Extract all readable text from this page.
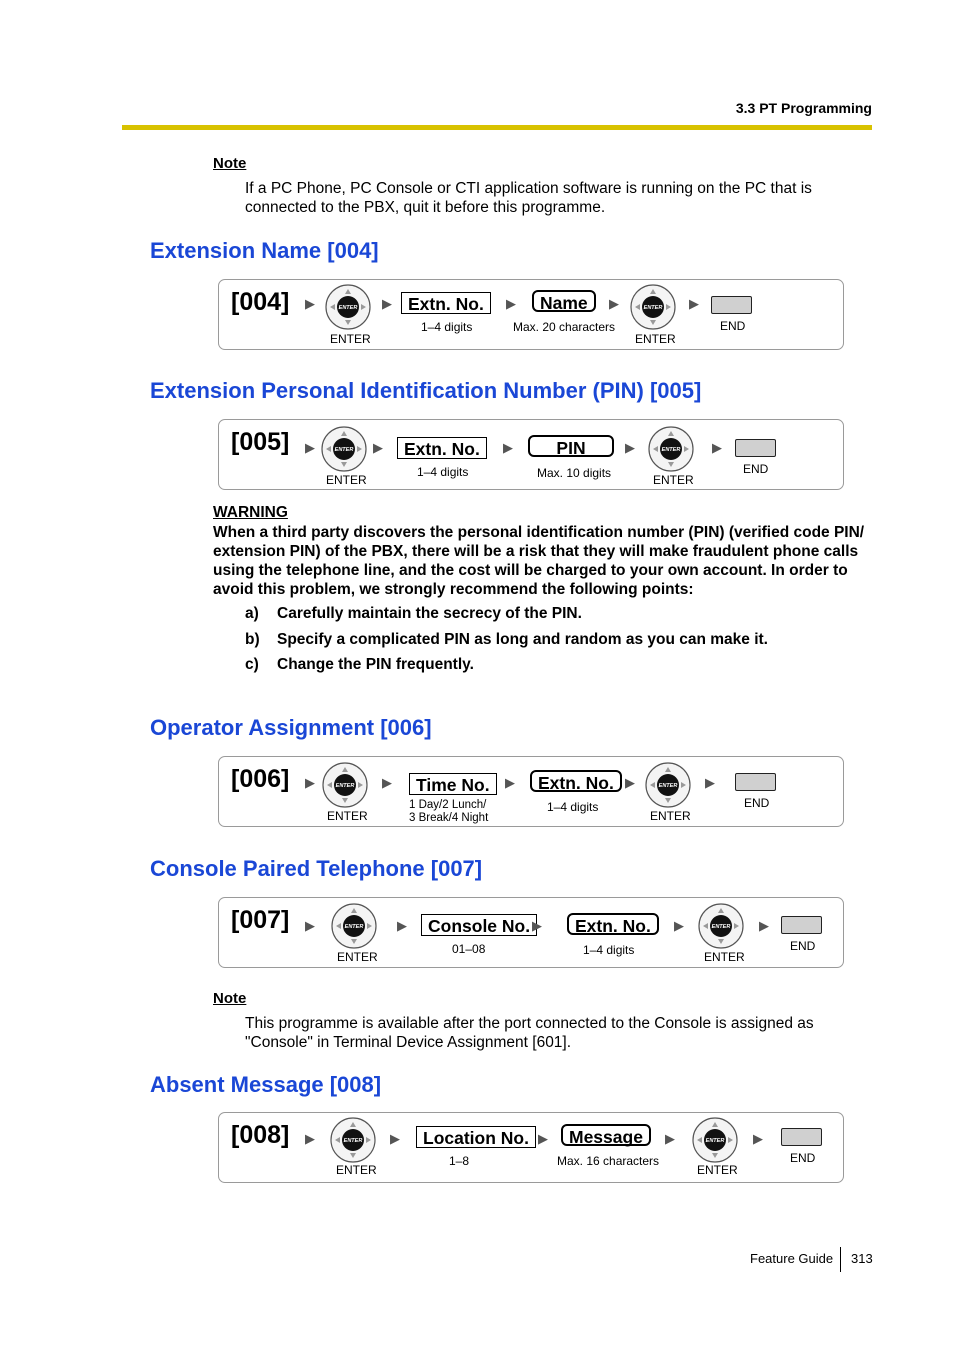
3.3 PT Programming
Note
If a PC Phone, PC Console or CTI application software is running on the PC that is connected to the PBX, quit it before this programme.
Extension Name [004]
[004] ▶	ENTER
ENTER
▶ Extn. No.
1–4 digits
▶	Name
Max. 20 characters
▶	ENTER
ENTER
▶
END
Extension Personal Identification Number (PIN) [005]
[005] ▶	ENTER
ENTER
▶	Extn. No.
1–4 digits
▶	PIN
Max. 10 digits
▶	ENTER
ENTER
▶
END
WARNING
When a third party discovers the personal identification number (PIN) (verified code PIN/ extension PIN) of the PBX, there will be a risk that they will make fraudulent phone calls using the telephone line, and the cost will be charged to your own account. In order to avoid this problem, we strongly recommend the following points:
a) Carefully maintain the secrecy of the PIN.
b) Specify a complicated PIN as long and random as you can make it.
c) Change the PIN frequently.
Operator Assignment [006]
[006] ▶	ENTER
ENTER
▶	Time No.
1 Day/2 Lunch/
3 Break/4 Night
▶	Extn. No.
1–4 digits
▶	ENTER
ENTER
▶
END
Console Paired Telephone [007]
[007] ▶	ENTER
ENTER
▶	Console No.
01–08
▶	Extn. No.
1–4 digits
▶	ENTER
ENTER
▶
END
Note
This programme is available after the port connected to the Console is assigned as "Console" in Terminal Device Assignment [601].
Absent Message [008]
[008] ▶	ENTER
ENTER
▶	Location No.
1–8
▶	Message
Max. 16 characters
▶	ENTER
ENTER
▶
END
Feature Guide 313
